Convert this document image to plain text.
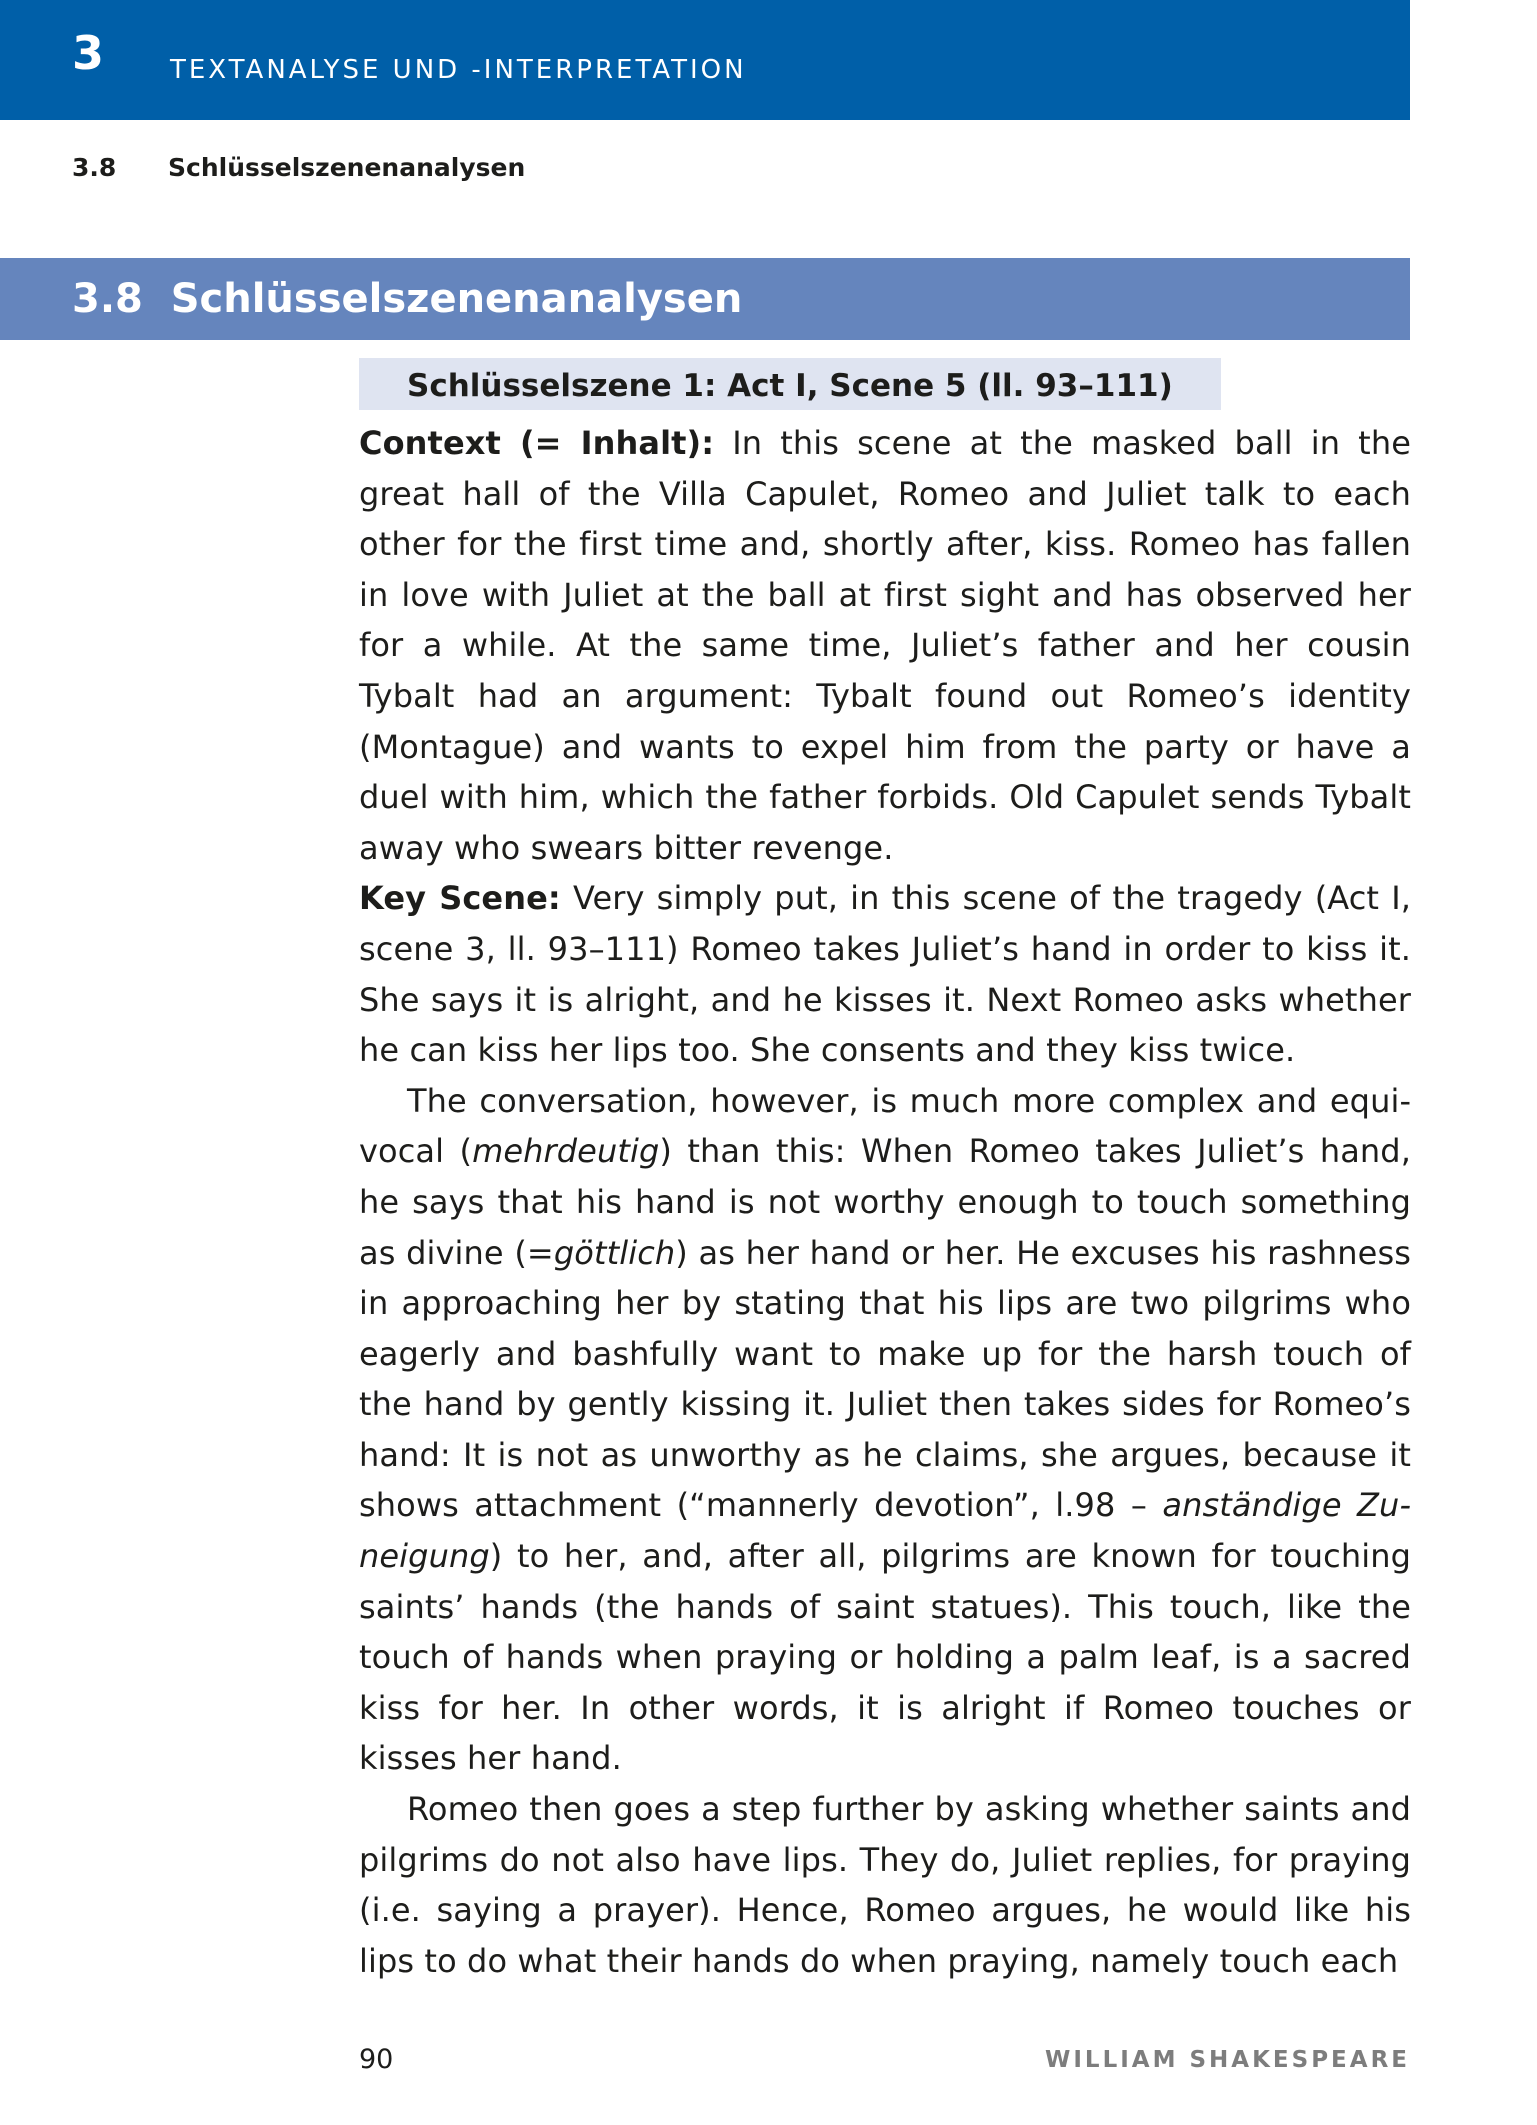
3	TEXTANALYSE UND -INTERPRETATION
3.8 Schlüsselszenenanalysen
3.8  Schlüsselszenenanalysen
Schlüsselszene 1: Act I, Scene 5 (ll. 93–111)

Context (= Inhalt): In this scene at the masked ball in the great hall of the Villa Capulet, Romeo and Juliet talk to each other for the first time and, shortly after, kiss. Romeo has fallen in love with Juliet at the ball at first sight and has observed her for a while. At the same time, Juliet’s father and her cousin Tybalt had an argument: Tybalt found out Romeo’s identity (Montague) and wants to expel him from the party or have a duel with him, which the father forbids. Old Capulet sends Tybalt away who swears bitter revenge.

Key Scene: Very simply put, in this scene of the tragedy (Act I, scene 3, ll. 93–111) Romeo takes Juliet’s hand in order to kiss it. She says it is alright, and he kisses it. Next Romeo asks whether he can kiss her lips too. She consents and they kiss twice.

The conversation, however, is much more complex and equivocal (mehrdeutig) than this: When Romeo takes Juliet’s hand, he says that his hand is not worthy enough to touch something as divine (=göttlich) as her hand or her. He excuses his rashness in approaching her by stating that his lips are two pilgrims who eagerly and bashfully want to make up for the harsh touch of the hand by gently kissing it. Juliet then takes sides for Romeo’s hand: It is not as unworthy as he claims, she argues, because it shows attachment (“mannerly devotion”, l.98 – anständige Zuneigung) to her, and, after all, pilgrims are known for touching saints’ hands (the hands of saint statues). This touch, like the touch of hands when praying or holding a palm leaf, is a sacred kiss for her. In other words, it is alright if Romeo touches or kisses her hand.

Romeo then goes a step further by asking whether saints and pilgrims do not also have lips. They do, Juliet replies, for praying (i.e. saying a prayer). Hence, Romeo argues, he would like his lips to do what their hands do when praying, namely touch each

90	WILLIAM SHAKESPEARE
